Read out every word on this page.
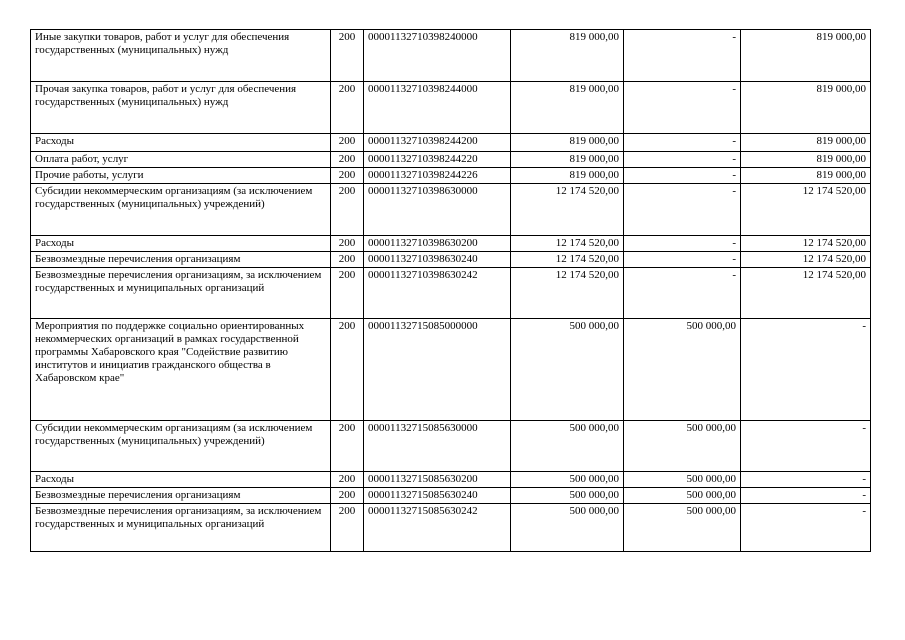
Иные закупки товаров, работ и услуг для обеспечения государственных (муниципальных) нужд	200	00001132710398240000	819 000,00	-	819 000,00
Прочая закупка товаров, работ и услуг для обеспечения государственных (муниципальных) нужд	200	00001132710398244000	819 000,00	-	819 000,00
Расходы	200	00001132710398244200	819 000,00	-	819 000,00
Оплата работ, услуг	200	00001132710398244220	819 000,00	-	819 000,00
Прочие работы, услуги	200	00001132710398244226	819 000,00	-	819 000,00
Субсидии некоммерческим организациям (за исключением государственных (муниципальных) учреждений)	200	00001132710398630000	12 174 520,00	-	12 174 520,00
Расходы	200	00001132710398630200	12 174 520,00	-	12 174 520,00
Безвозмездные перечисления организациям	200	00001132710398630240	12 174 520,00	-	12 174 520,00
Безвозмездные перечисления организациям, за исключением государственных и муниципальных организаций	200	00001132710398630242	12 174 520,00	-	12 174 520,00
Мероприятия по поддержке социально ориентированных некоммерческих организаций в рамках государственной программы Хабаровского края "Содействие развитию институтов и инициатив гражданского общества в Хабаровском крае"	200	00001132715085000000	500 000,00	500 000,00	-
Субсидии некоммерческим организациям (за исключением государственных (муниципальных) учреждений)	200	00001132715085630000	500 000,00	500 000,00	-
Расходы	200	00001132715085630200	500 000,00	500 000,00	-
Безвозмездные перечисления организациям	200	00001132715085630240	500 000,00	500 000,00	-
Безвозмездные перечисления организациям, за исключением государственных и муниципальных организаций	200	00001132715085630242	500 000,00	500 000,00	-
